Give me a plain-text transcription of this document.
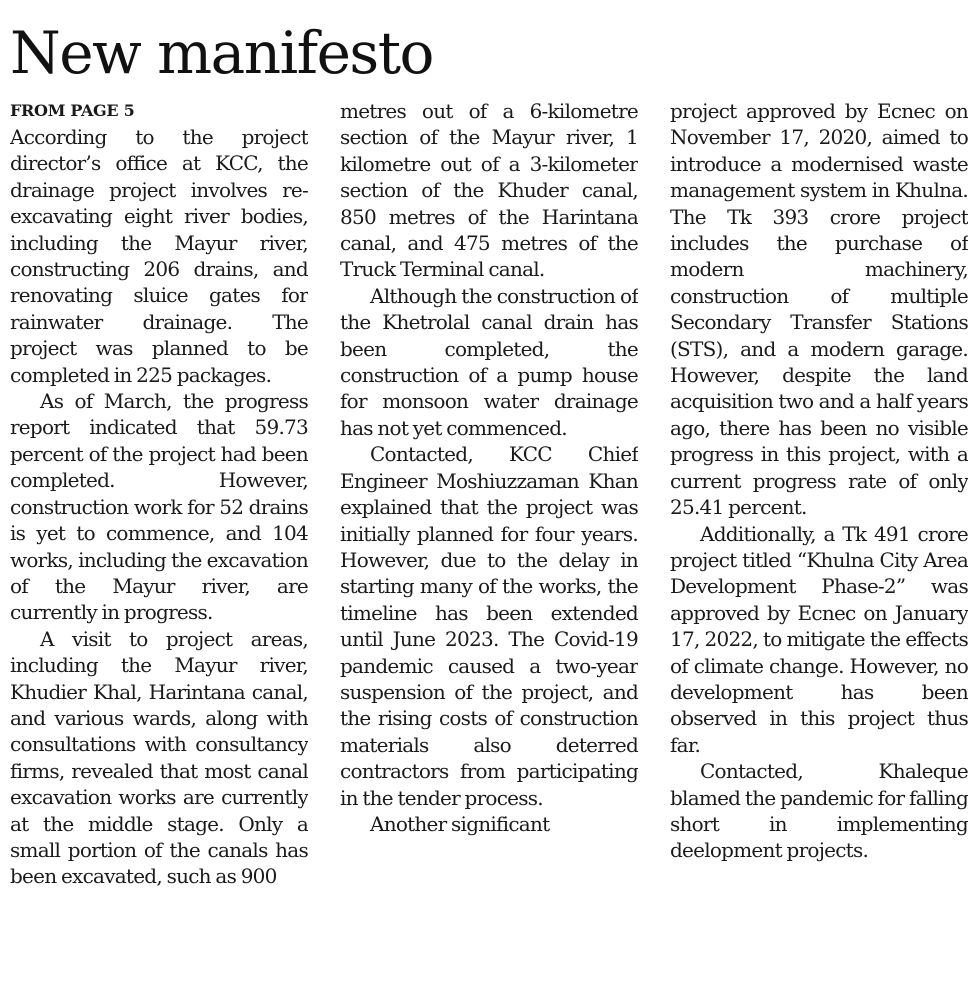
New manifesto

FROM PAGE 5

According to the project director’s office at KCC, the drainage project involves re-excavating eight river bodies, including the Mayur river, constructing 206 drains, and renovating sluice gates for rainwater drainage. The project was planned to be completed in 225 packages.

As of March, the progress report indicated that 59.73 percent of the project had been completed. However, construction work for 52 drains is yet to commence, and 104 works, including the excavation of the Mayur river, are currently in progress.

A visit to project areas, including the Mayur river, Khudier Khal, Harintana canal, and various wards, along with consultations with consultancy firms, revealed that most canal excavation works are currently at the middle stage. Only a small portion of the canals has been excavated, such as 900

metres out of a 6-kilometre section of the Mayur river, 1 kilometre out of a 3-kilometer section of the Khuder canal, 850 metres of the Harintana canal, and 475 metres of the Truck Terminal canal.

Although the construction of the Khetrolal canal drain has been completed, the construction of a pump house for monsoon water drainage has not yet commenced.

Contacted, KCC Chief Engineer Moshiuzzaman Khan explained that the project was initially planned for four years. However, due to the delay in starting many of the works, the timeline has been extended until June 2023. The Covid-19 pandemic caused a two-year suspension of the project, and the rising costs of construction materials also deterred contractors from participating in the tender process.

Another significant

project approved by Ecnec on November 17, 2020, aimed to introduce a modernised waste management system in Khulna. The Tk 393 crore project includes the purchase of modern machinery, construction of multiple Secondary Transfer Stations (STS), and a modern garage. However, despite the land acquisition two and a half years ago, there has been no visible progress in this project, with a current progress rate of only 25.41 percent.

Additionally, a Tk 491 crore project titled “Khulna City Area Development Phase-2” was approved by Ecnec on January 17, 2022, to mitigate the effects of climate change. However, no development has been observed in this project thus far.

Contacted, Khaleque blamed the pandemic for falling short in implementing deelopment projects.
